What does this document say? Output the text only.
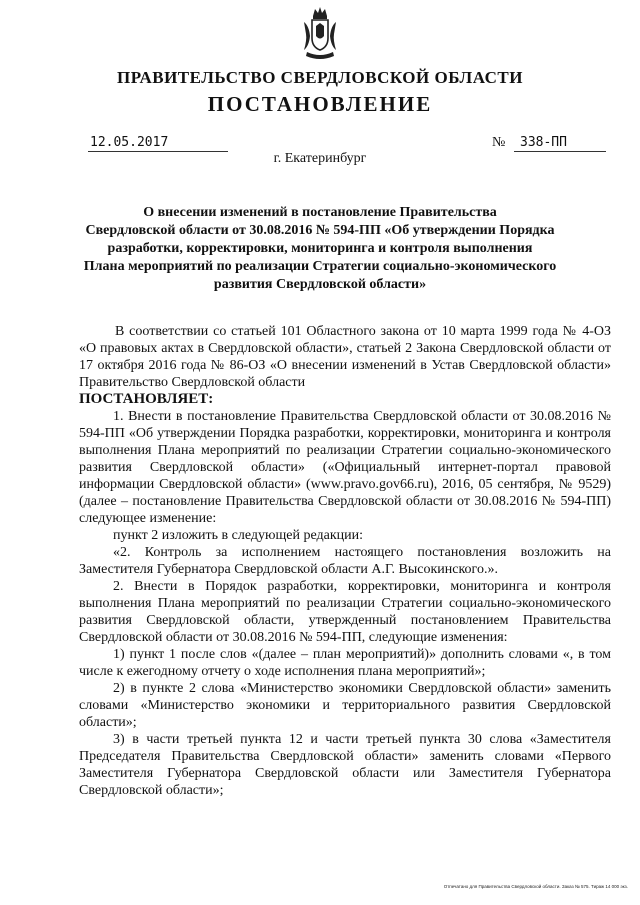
ПРАВИТЕЛЬСТВО СВЕРДЛОВСКОЙ ОБЛАСТИ
ПОСТАНОВЛЕНИЕ
12.05.2017	№	338-ПП
г. Екатеринбург
О внесении изменений в постановление Правительства
Свердловской области от 30.08.2016 № 594-ПП «Об утверждении Порядка
разработки, корректировки, мониторинга и контроля выполнения
Плана мероприятий по реализации Стратегии социально-экономического
развития Свердловской области»

В соответствии со статьей 101 Областного закона от 10 марта 1999 года № 4-ОЗ «О правовых актах в Свердловской области», статьей 2 Закона Свердловской области от 17 октября 2016 года № 86-ОЗ «О внесении изменений в Устав Свердловской области» Правительство Свердловской области

ПОСТАНОВЛЯЕТ:

1. Внести в постановление Правительства Свердловской области от 30.08.2016 № 594-ПП «Об утверждении Порядка разработки, корректировки, мониторинга и контроля выполнения Плана мероприятий по реализации Стратегии социально-экономического развития Свердловской области» («Официальный интернет-портал правовой информации Свердловской области» (www.pravo.gov66.ru), 2016, 05 сентября, № 9529) (далее – постановление Правительства Свердловской области от 30.08.2016 № 594-ПП) следующее изменение:

пункт 2 изложить в следующей редакции:

«2. Контроль за исполнением настоящего постановления возложить на Заместителя Губернатора Свердловской области А.Г. Высокинского.».

2. Внести в Порядок разработки, корректировки, мониторинга и контроля выполнения Плана мероприятий по реализации Стратегии социально-экономического развития Свердловской области, утвержденный постановлением Правительства Свердловской области от 30.08.2016 № 594-ПП, следующие изменения:

1) пункт 1 после слов «(далее – план мероприятий)» дополнить словами «, в том числе к ежегодному отчету о ходе исполнения плана мероприятий»;

2) в пункте 2 слова «Министерство экономики Свердловской области» заменить словами «Министерство экономики и территориального развития Свердловской области»;

3) в части третьей пункта 12 и части третьей пункта 30 слова «Заместителя Председателя Правительства Свердловской области» заменить словами «Первого Заместителя Губернатора Свердловской области или Заместителя Губернатора Свердловской области»;

Отпечатано для Правительства Свердловской области. Заказ № 575. Тираж 14 000 экз.
